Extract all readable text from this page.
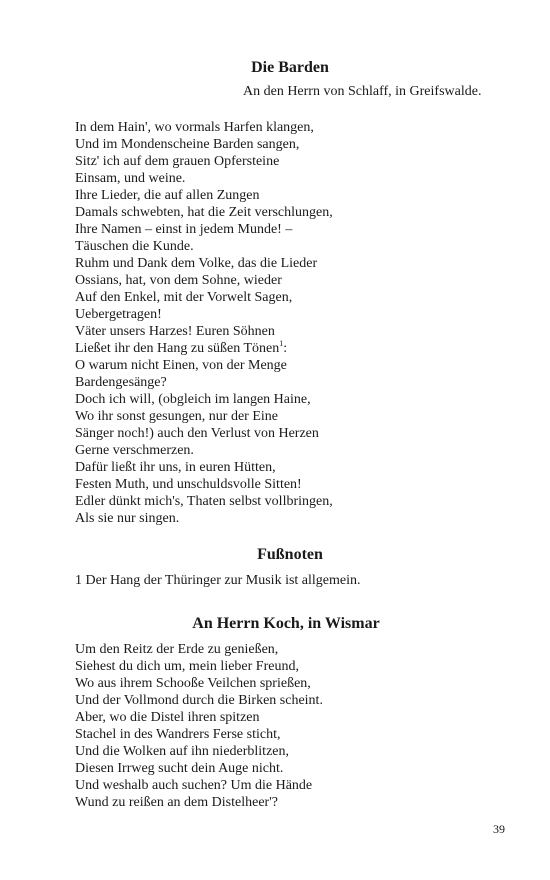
Die Barden

An den Herrn von Schlaff, in Greifswalde.

In dem Hain', wo vormals Harfen klangen,
Und im Mondenscheine Barden sangen,
Sitz' ich auf dem grauen Opfersteine
Einsam, und weine.
Ihre Lieder, die auf allen Zungen
Damals schwebten, hat die Zeit verschlungen,
Ihre Namen – einst in jedem Munde! –
Täuschen die Kunde.
Ruhm und Dank dem Volke, das die Lieder
Ossians, hat, von dem Sohne, wieder
Auf den Enkel, mit der Vorwelt Sagen,
Uebergetragen!
Väter unsers Harzes! Euren Söhnen
Ließet ihr den Hang zu süßen Tönen$^1$:
O warum nicht Einen, von der Menge
Bardengesänge?
Doch ich will, (obgleich im langen Haine,
Wo ihr sonst gesungen, nur der Eine
Sänger noch!) auch den Verlust von Herzen
Gerne verschmerzen.
Dafür ließt ihr uns, in euren Hütten,
Festen Muth, und unschuldsvolle Sitten!
Edler dünkt mich's, Thaten selbst vollbringen,
Als sie nur singen.
Fußnoten

1 Der Hang der Thüringer zur Musik ist allgemein.

An Herrn Koch, in Wismar
Um den Reitz der Erde zu genießen,
Siehest du dich um, mein lieber Freund,
Wo aus ihrem Schooße Veilchen sprießen,
Und der Vollmond durch die Birken scheint.
Aber, wo die Distel ihren spitzen
Stachel in des Wandrers Ferse sticht,
Und die Wolken auf ihn niederblitzen,
Diesen Irrweg sucht dein Auge nicht.
Und weshalb auch suchen? Um die Hände
Wund zu reißen an dem Distelheer'?

39
